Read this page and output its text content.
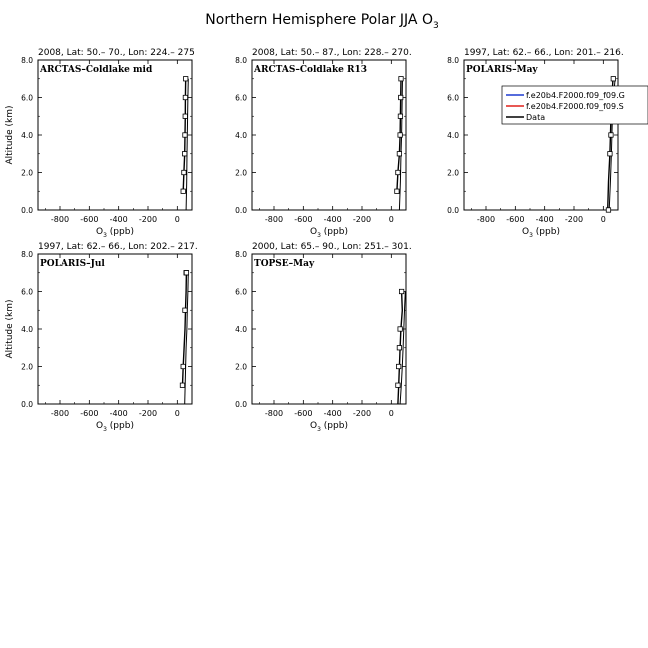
Northern Hemisphere Polar JJA $O_3$
2008, Lat: 50.– 70., Lon: 224.– 275
ARCTAS–Coldlake mid
-800 -600 -400 -200 0
0.0
2.0
4.0
6.0
8.0
$O_3$ (ppb)
Altitude (km)
2008, Lat: 50.– 87., Lon: 228.– 270.
ARCTAS–Coldlake R13
-800 -600 -400 -200 0
0.0
2.0
4.0
6.0
8.0
$O_3$ (ppb)
1997, Lat: 62.– 66., Lon: 201.– 216.
POLARIS–May
-800 -600 -400 -200 0
0.0
2.0
4.0
6.0
8.0
$O_3$ (ppb)
f.e20b4.F2000.f09_f09.G
f.e20b4.F2000.f09_f09.S
Data
1997, Lat: 62.– 66., Lon: 202.– 217.
POLARIS–Jul
-800 -600 -400 -200 0
0.0
2.0
4.0
6.0
8.0
$O_3$ (ppb)
Altitude (km)
2000, Lat: 65.– 90., Lon: 251.– 301.
TOPSE–May
-800 -600 -400 -200 0
0.0
2.0
4.0
6.0
8.0
$O_3$ (ppb)
